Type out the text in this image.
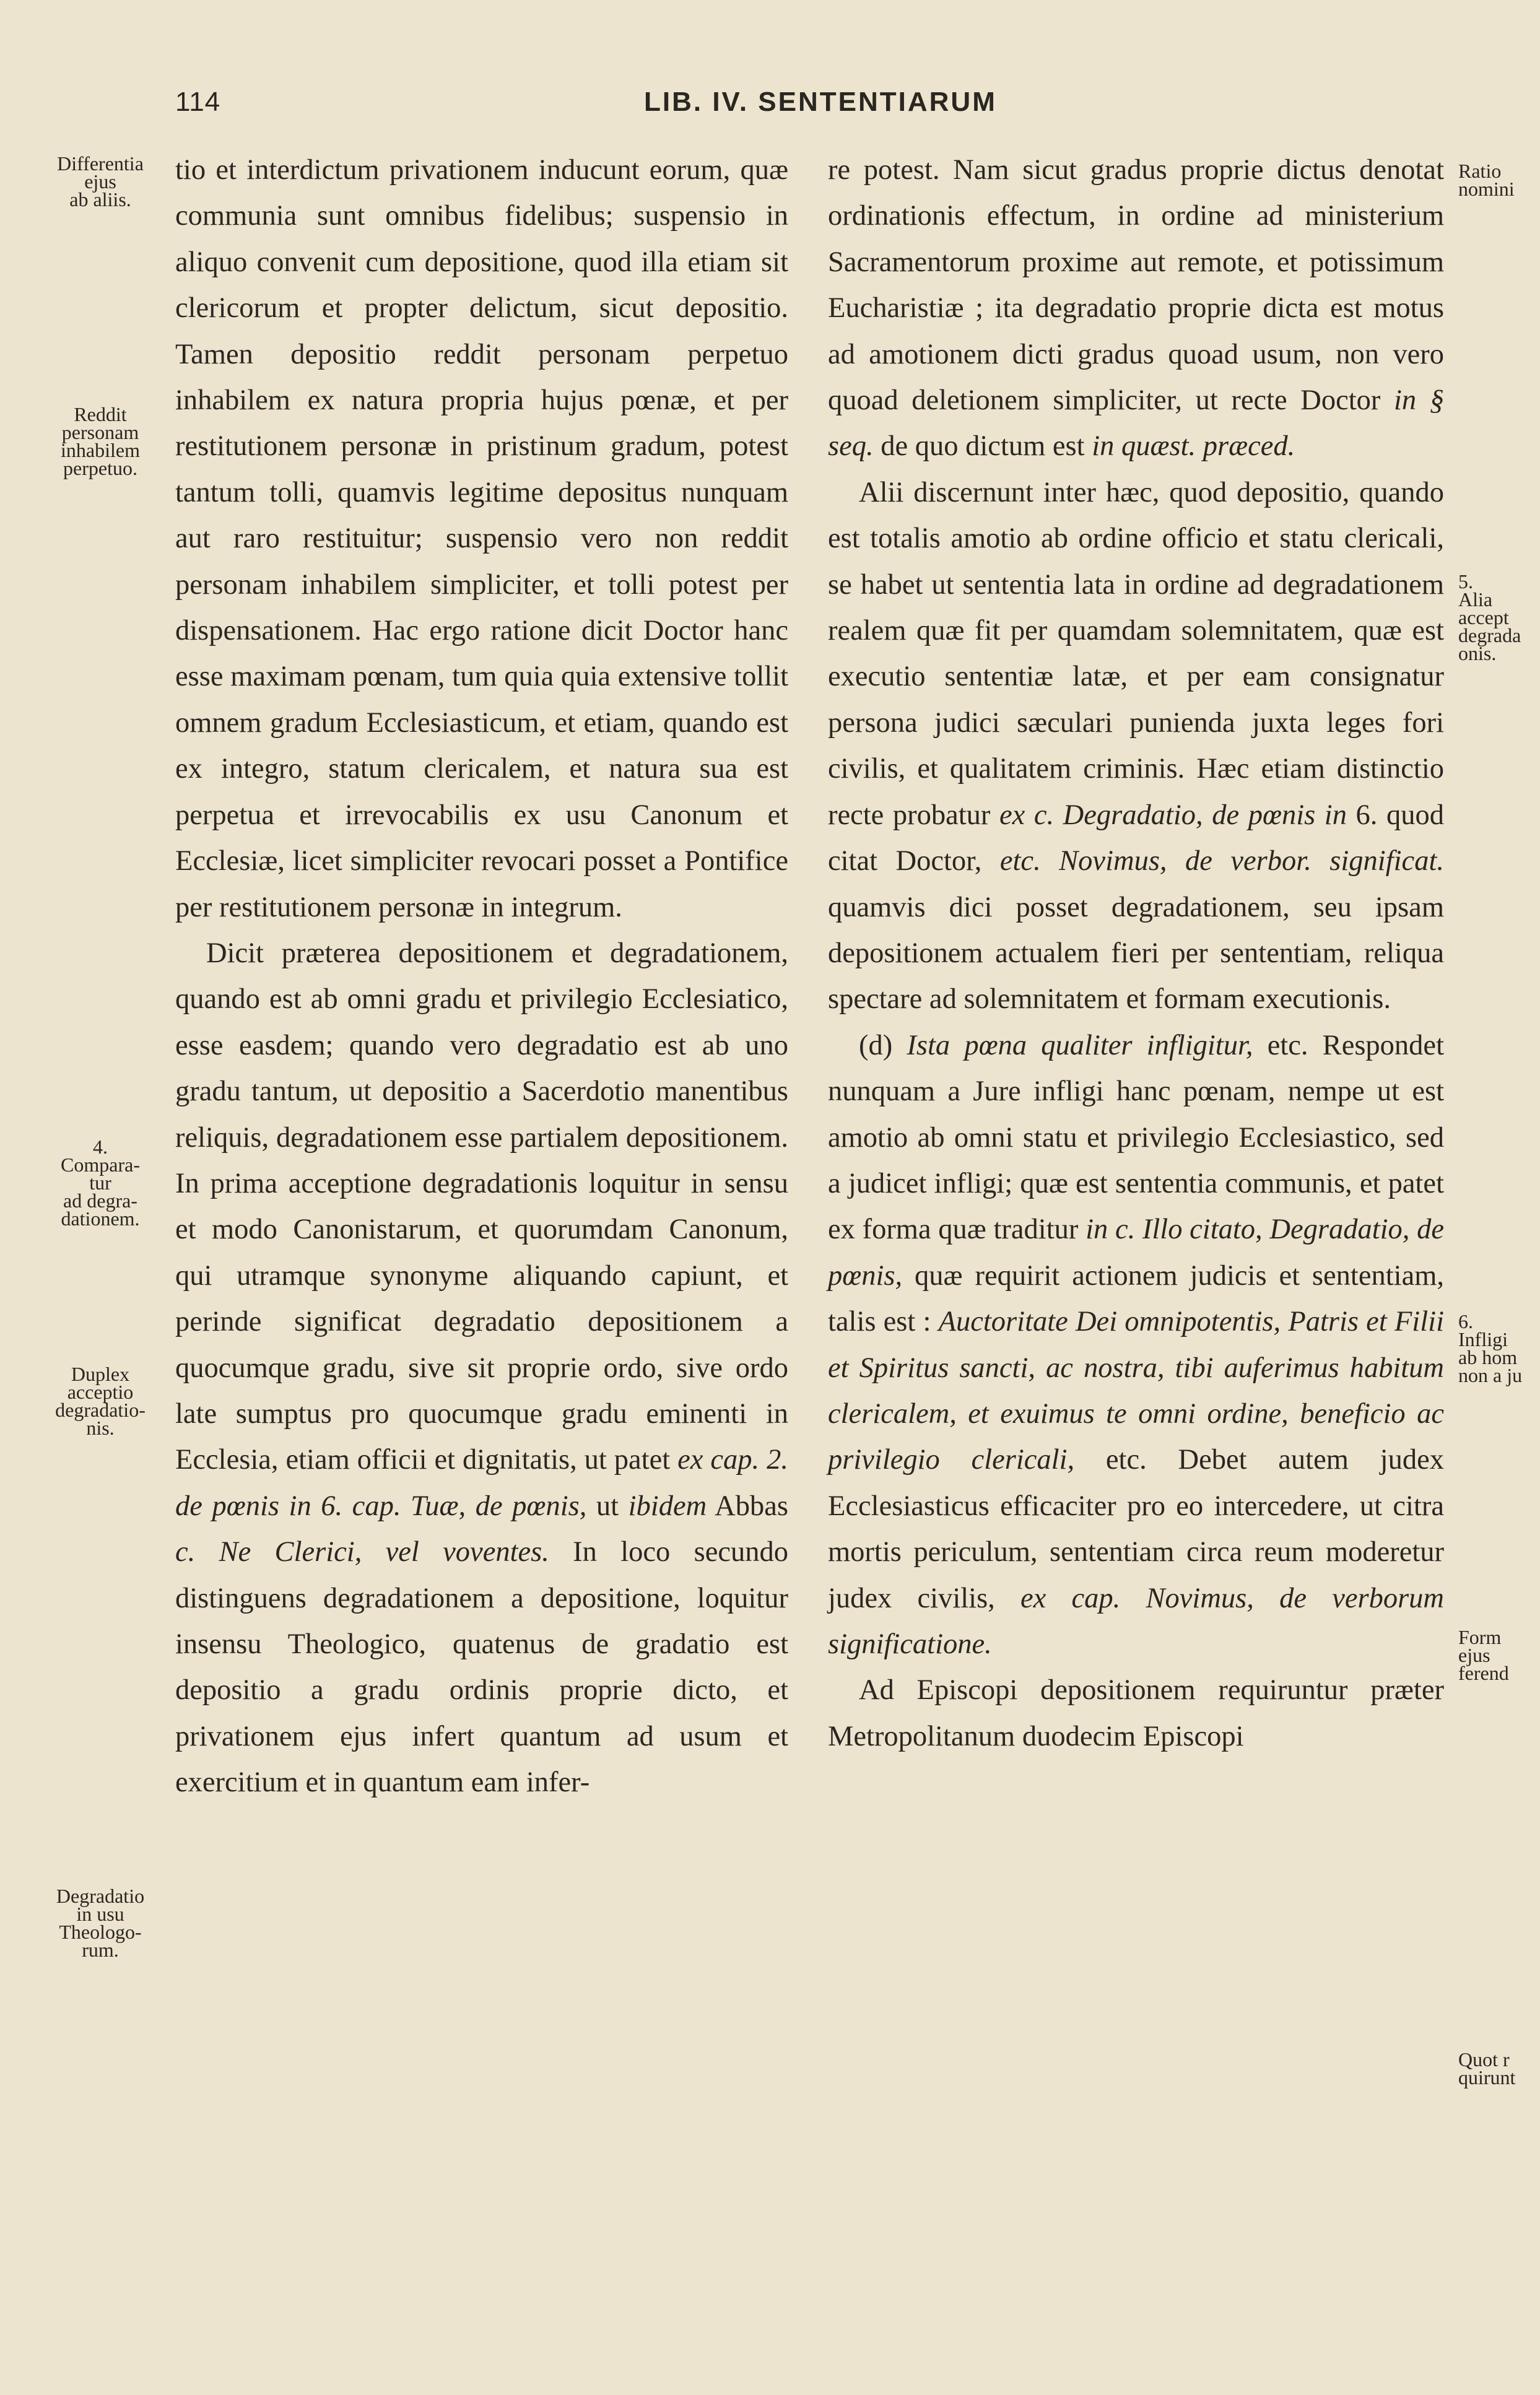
114	LIB. IV. SENTENTIARUM
Differentia
ejus
ab aliis.
Reddit
personam
inhabilem
perpetuo.
4.
Compara-
tur
ad degra-
dationem.
Duplex
acceptio
degradatio-
nis.
Degradatio
in usu
Theologo-
rum.
Ratio
nomini
5.
Alia
accept
degrada
onis.
6.
Infligi
ab hom
non a ju
Form
ejus
ferend
Quot r
quirunt

tio et interdictum privationem inducunt eorum, quæ communia sunt omnibus fidelibus; suspensio in aliquo convenit cum depositione, quod illa etiam sit clericorum et propter delictum, sicut depositio. Tamen depositio reddit personam perpetuo inhabilem ex natura propria hujus pœnæ, et per restitutionem personæ in pristinum gradum, potest tantum tolli, quamvis legitime depositus nunquam aut raro restituitur; suspensio vero non reddit personam inhabilem simpliciter, et tolli potest per dispensationem. Hac ergo ratione dicit Doctor hanc esse maximam pœnam, tum quia quia extensive tollit omnem gradum Ecclesiasticum, et etiam, quando est ex integro, statum clericalem, et natura sua est perpetua et irrevocabilis ex usu Canonum et Ecclesiæ, licet simpliciter revocari posset a Pontifice per restitutionem personæ in integrum.

Dicit præterea depositionem et degradationem, quando est ab omni gradu et privilegio Ecclesiatico, esse easdem; quando vero degradatio est ab uno gradu tantum, ut depositio a Sacerdotio manentibus reliquis, degradationem esse partialem depositionem. In prima acceptione degradationis loquitur in sensu et modo Canonistarum, et quorumdam Canonum, qui utramque synonyme aliquando capiunt, et perinde significat degradatio depositionem a quocumque gradu, sive sit proprie ordo, sive ordo late sumptus pro quocumque gradu eminenti in Ecclesia, etiam officii et dignitatis, ut patet ex cap. 2. de pœnis in 6. cap. Tuæ, de pœnis, ut ibidem Abbas c. Ne Clerici, vel voventes. In loco secundo distinguens degradationem a depositione, loquitur insensu Theologico, quatenus de gradatio est depositio a gradu ordinis proprie dicto, et privationem ejus infert quantum ad usum et exercitium et in quantum eam infer-

re potest. Nam sicut gradus proprie dictus denotat ordinationis effectum, in ordine ad ministerium Sacramentorum proxime aut remote, et potissimum Eucharistiæ ; ita degradatio proprie dicta est motus ad amotionem dicti gradus quoad usum, non vero quoad deletionem simpliciter, ut recte Doctor in § seq. de quo dictum est in quæst. præced.

Alii discernunt inter hæc, quod depositio, quando est totalis amotio ab ordine officio et statu clericali, se habet ut sententia lata in ordine ad degradationem realem quæ fit per quamdam solemnitatem, quæ est executio sententiæ latæ, et per eam consignatur persona judici sæculari puniendа juxta leges fori civilis, et qualitatem criminis. Hæc etiam distinctio recte probatur ex c. Degradatio, de pœnis in 6. quod citat Doctor, etc. Novimus, de verbor. significat. quamvis dici posset degradationem, seu ipsam depositionem actualem fieri per sententiam, reliqua spectare ad solemnitatem et formam executionis.

(d) Ista pœna qualiter infligitur, etc. Respondet nunquam a Jure infligi hanc pœnam, nempe ut est amotio ab omni statu et privilegio Ecclesiastico, sed a judicet infligi; quæ est sententia communis, et patet ex forma quæ traditur in c. Illo citato, Degradatio, de pœnis, quæ requirit actionem judicis et sententiam, talis est : Auctoritate Dei omnipotentis, Patris et Filii et Spiritus sancti, ac nostra, tibi auferimus habitum clericalem, et exuimus te omni ordine, beneficio ac privilegio clericali, etc. Debet autem judex Ecclesiasticus efficaciter pro eo intercedere, ut citra mortis periculum, sententiam circa reum moderetur judex civilis, ex cap. Novimus, de verborum significatione.

Ad Episcopi depositionem requiruntur præter Metropolitanum duodecim Episcopi
